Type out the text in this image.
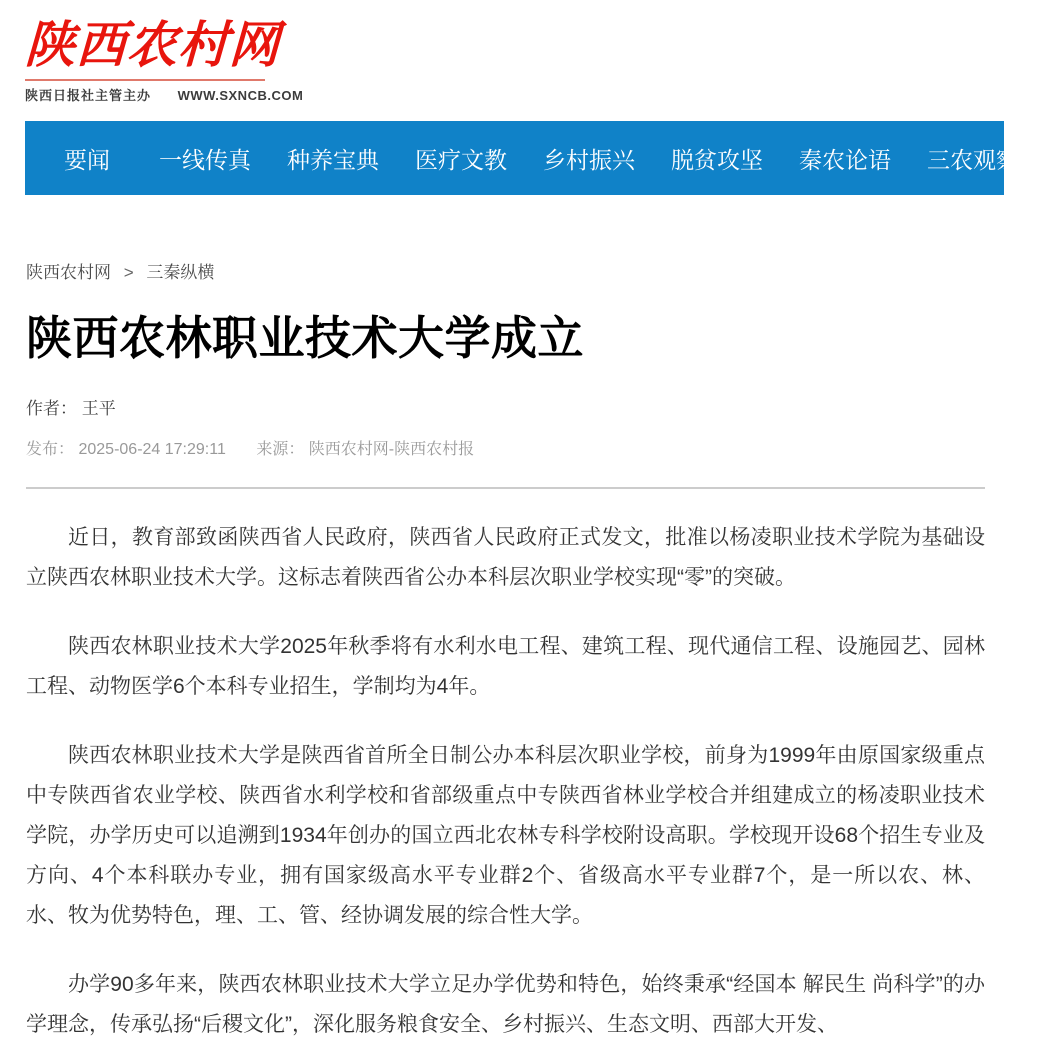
陕西农村网
陕西日报社主管主办 WWW.SXNCB.COM
要闻	一线传真	种养宝典	医疗文教	乡村振兴	脱贫攻坚	秦农论语	三农观察
陕西农村网 > 三秦纵横
陕西农林职业技术大学成立
作者： 王平
发布： 2025-06-24 17:29:11 来源： 陕西农村网-陕西农村报

近日，教育部致函陕西省人民政府，陕西省人民政府正式发文，批准以杨凌职业技术学院为基础设立陕西农林职业技术大学。这标志着陕西省公办本科层次职业学校实现“零”的突破。

陕西农林职业技术大学2025年秋季将有水利水电工程、建筑工程、现代通信工程、设施园艺、园林工程、动物医学6个本科专业招生，学制均为4年。

陕西农林职业技术大学是陕西省首所全日制公办本科层次职业学校，前身为1999年由原国家级重点中专陕西省农业学校、陕西省水利学校和省部级重点中专陕西省林业学校合并组建成立的杨凌职业技术学院，办学历史可以追溯到1934年创办的国立西北农林专科学校附设高职。学校现开设68个招生专业及方向、4个本科联办专业，拥有国家级高水平专业群2个、省级高水平专业群7个，是一所以农、林、水、牧为优势特色，理、工、管、经协调发展的综合性大学。

办学90多年来，陕西农林职业技术大学立足办学优势和特色，始终秉承“经国本 解民生 尚科学”的办学理念，传承弘扬“后稷文化”，深化服务粮食安全、乡村振兴、生态文明、西部大开发、
